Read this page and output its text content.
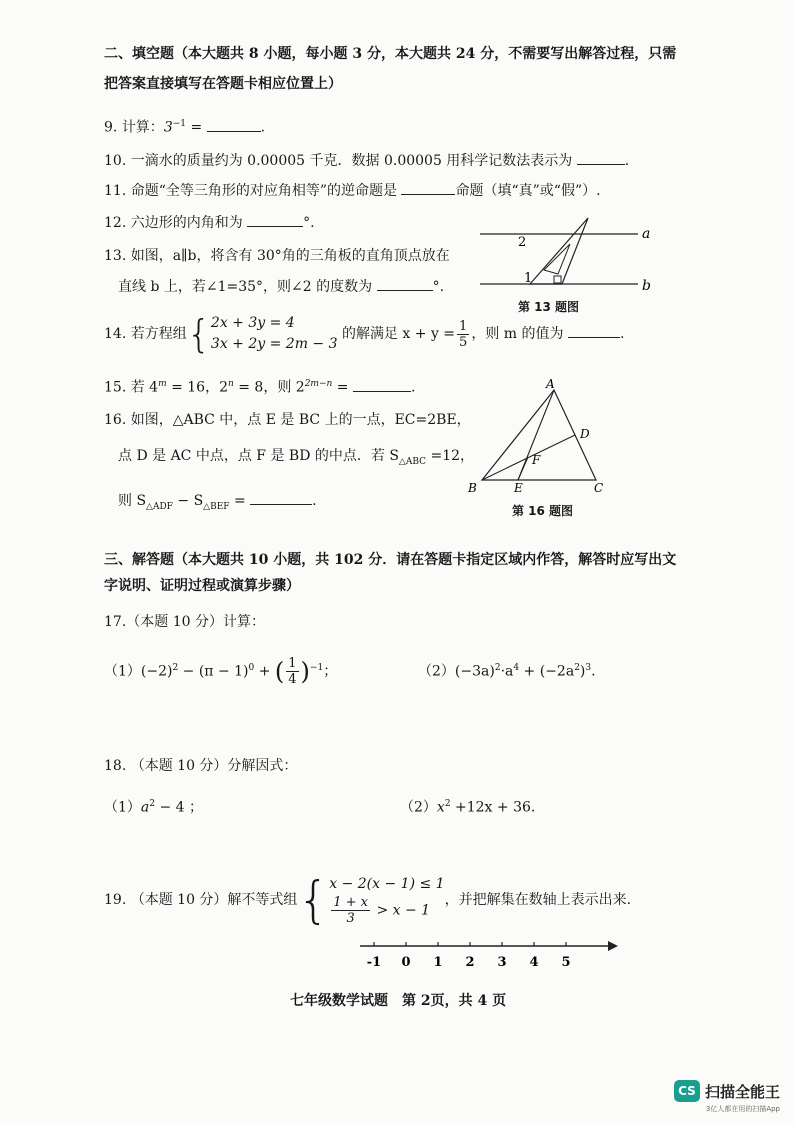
二、填空题（本大题共 8 小题，每小题 3 分，本大题共 24 分，不需要写出解答过程，只需
把答案直接填写在答题卡相应位置上）
9. 计算：$3^{-1}$ =	.
10. 一滴水的质量约为 0.00005 千克．数据 0.00005 用科学记数法表示为	.
11. 命题“全等三角形的对应角相等”的逆命题是	命题（填“真”或“假”）.
12. 六边形的内角和为	°.
13. 如图，a∥b，将含有 30°角的三角板的直角顶点放在
直线 b 上，若∠1=35°，则∠2 的度数为	°.
2
1
a
b
第 13 题图
14. 若方程组{ 2x + 3y = 4
3x + 2y = 2m − 3
的解满足 $x + y = \frac{1}{5}$ ，则 m 的值为	.
15. 若 $4^m = 16$，$2^n = 8$，则 $2^{2m-n}$ =	.
16. 如图，△ABC 中，点 E 是 BC 上的一点，EC=2BE，
点 D 是 AC 中点，点 F 是 BD 的中点．若 $S_{\triangle ABC} =12$，
则 $S_{\triangle ADF} - S_{\triangle BEF}$ =	.
A
B	C
D
E
F
第 16 题图
三、解答题（本大题共 10 小题，共 102 分．请在答题卡指定区域内作答，解答时应写出文
字说明、证明过程或演算步骤）
17.（本题 10 分）计算：
$(1)(-2)^2 - (\pi - 1)^0$ + ( $\frac{1}{4} )^{-1}$；	$(2)(-3a)^2\cdot a^4 + (-2a^2)^3$.
18. （本题 10 分）分解因式：
$(1)a^2 - 4$ ；	$(2)x^2 +12x + 36$.
19. （本题 10 分）解不等式组{ x − 2(x − 1) ≤ 1
$\frac{1 + x}{3} > x - 1$
，并把解集在数轴上表示出来.
-1 0 1 2 3 4 5
七年级数学试题　第 2页，共 4 页
CS 扫描全能王
3亿人都在用的扫描App
